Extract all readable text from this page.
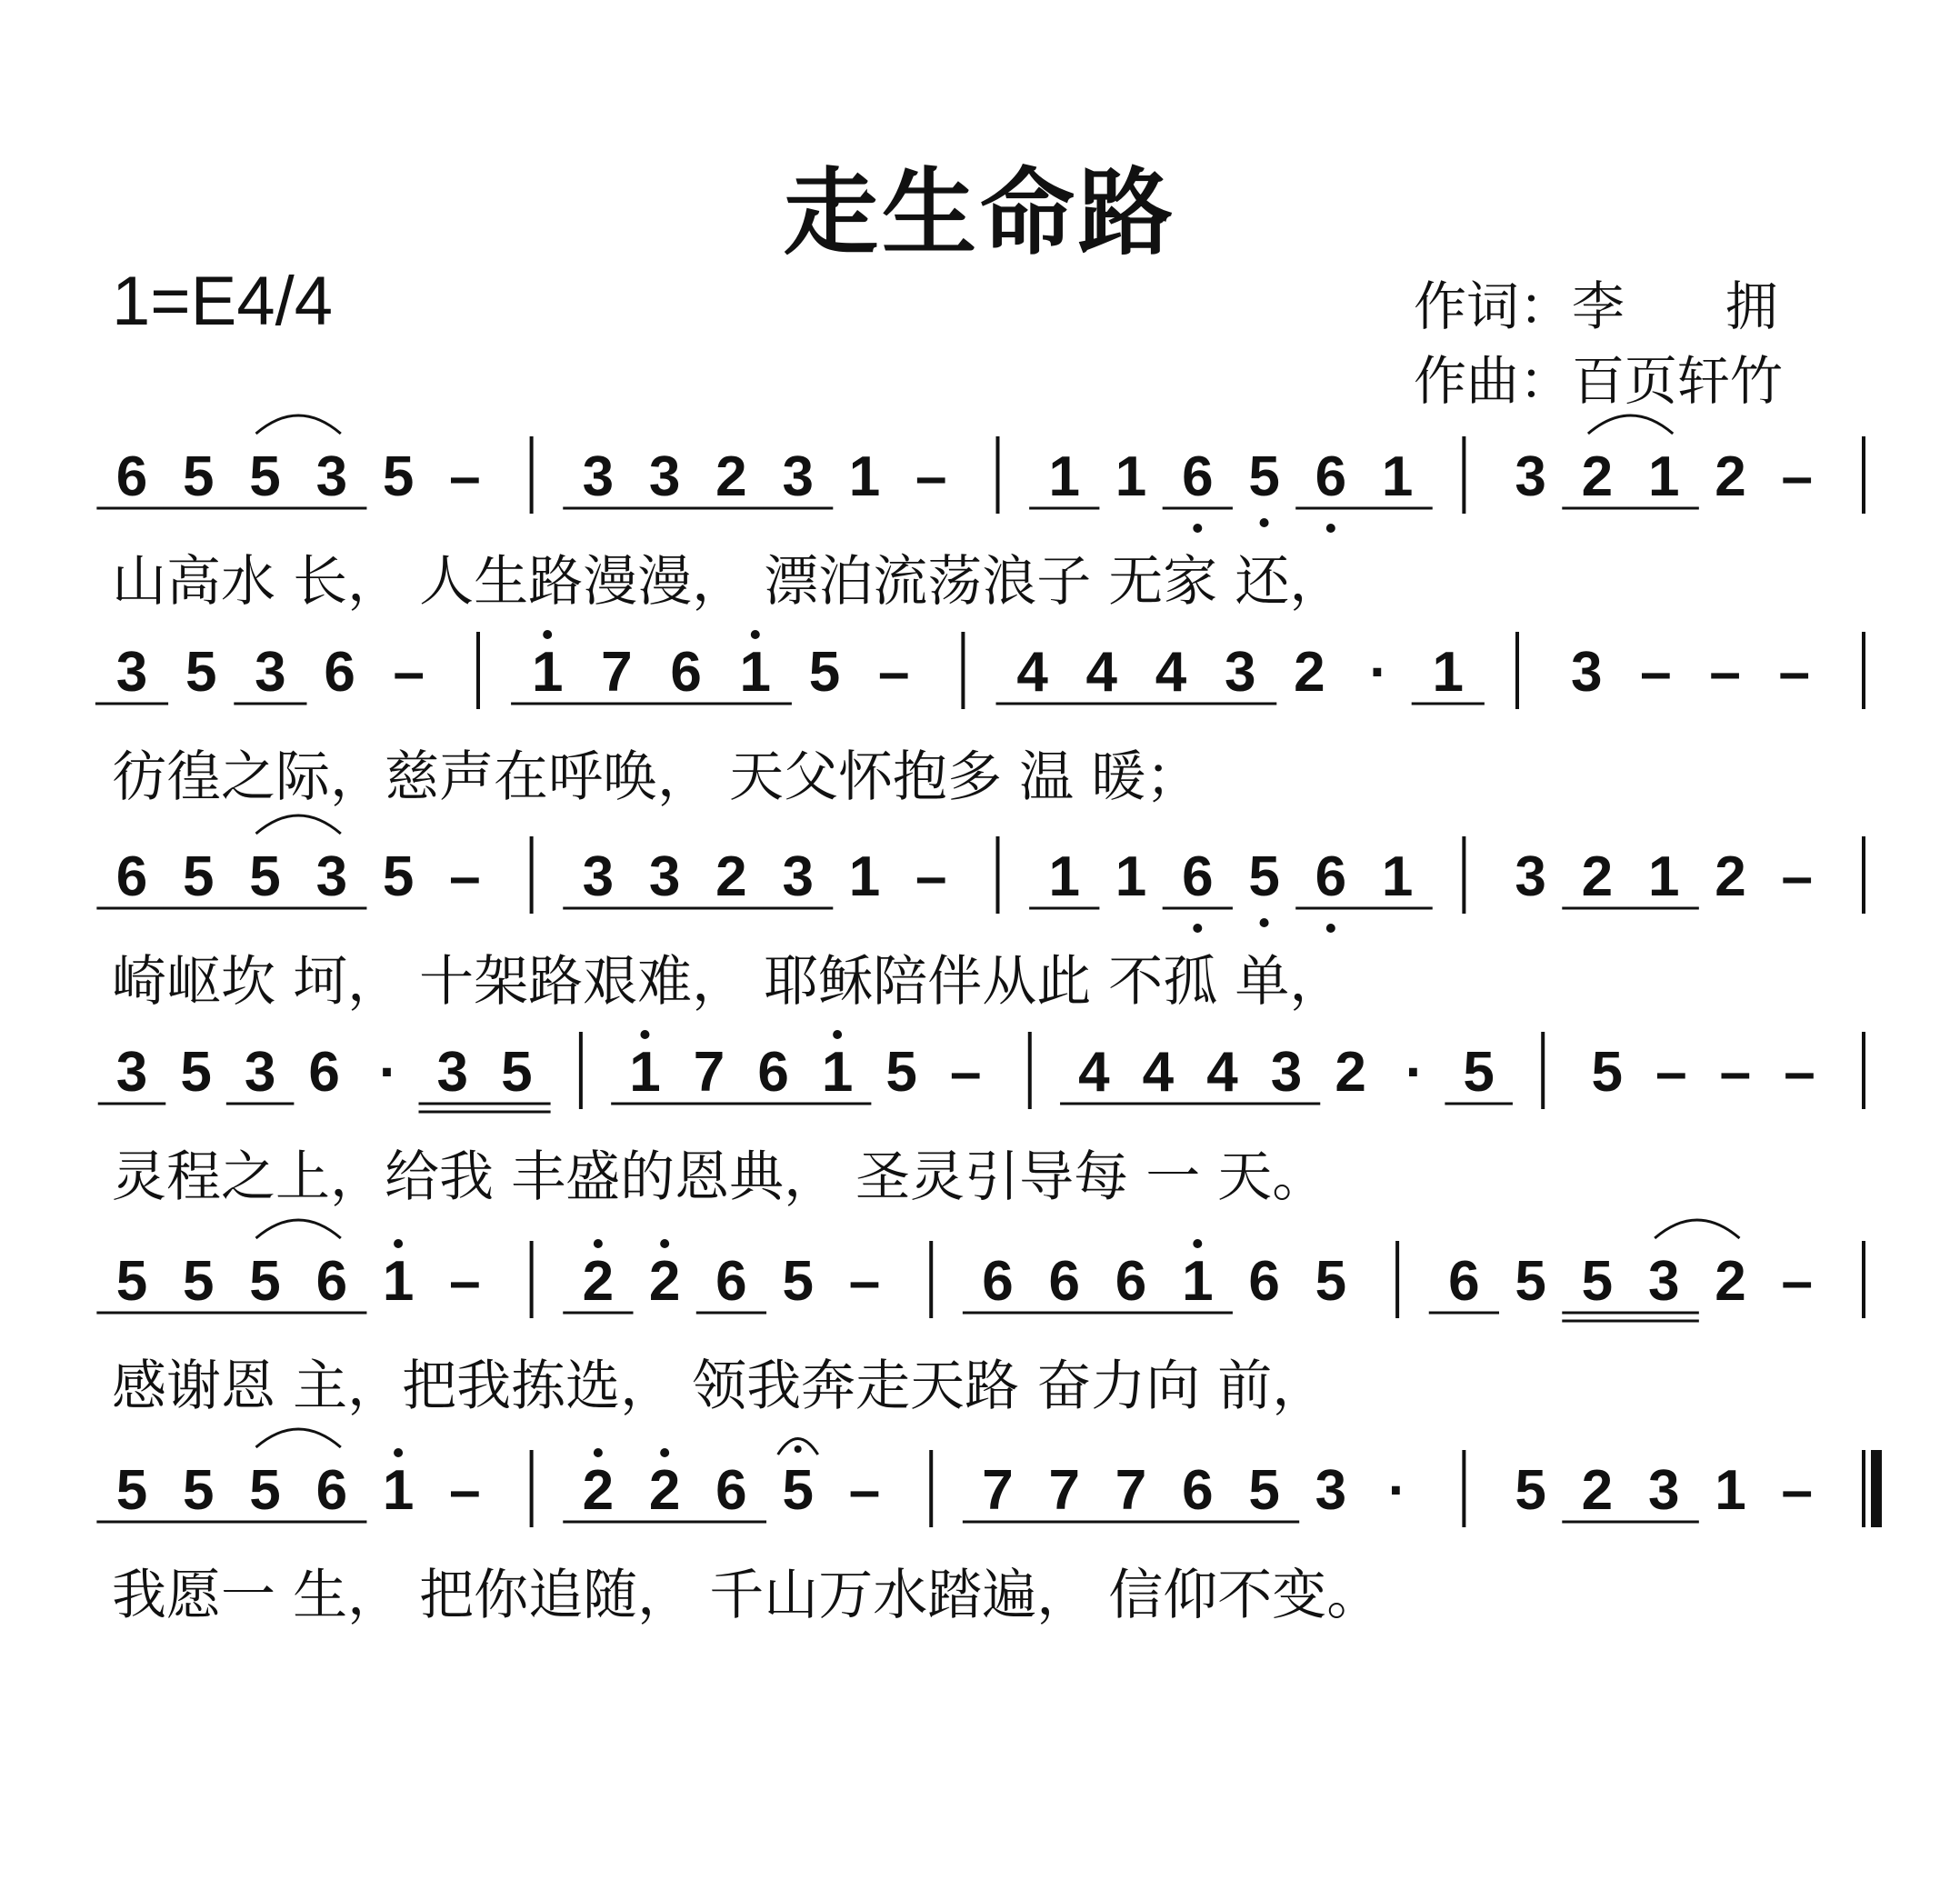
走生命路
1=E4/4	作词：李      拥
作曲：百页轩竹
6 5 5 3 5 – 3 3 2 3 1 – 1 1 6 5 6 1 3 2 1 2 –
山高水 长， 人生路漫漫， 漂泊流荡浪子 无家 还，
3 5 3 6 – 1 7 6 1 5 – 4 4 4 3 2 · 1 3 – – –
彷徨之际，慈声在呼唤， 天父怀抱多 温 暖；
6 5 5 3 5 – 3 3 2 3 1 – 1 1 6 5 6 1 3 2 1 2 –
崎岖坎 坷， 十架路艰难， 耶稣陪伴从此 不孤 单，
3 5 3 6 · 3 5 1 7 6 1 5 – 4 4 4 3 2 · 5 5 – – –
灵程之上，给我 丰盛的恩典， 圣灵引导每 一 天。
5 5 5 6 1 – 2 2 6 5 – 6 6 6 1 6 5 6 5 5 3 2 –
感谢恩 主，把我拣选， 领我奔走天路 奋力向 前，
5 5 5 6 1 – 2 2 6 5 – 7 7 7 6 5 3 · 5 2 3 1 –
我愿一 生， 把你追随， 千山万水踏遍， 信仰不变。
